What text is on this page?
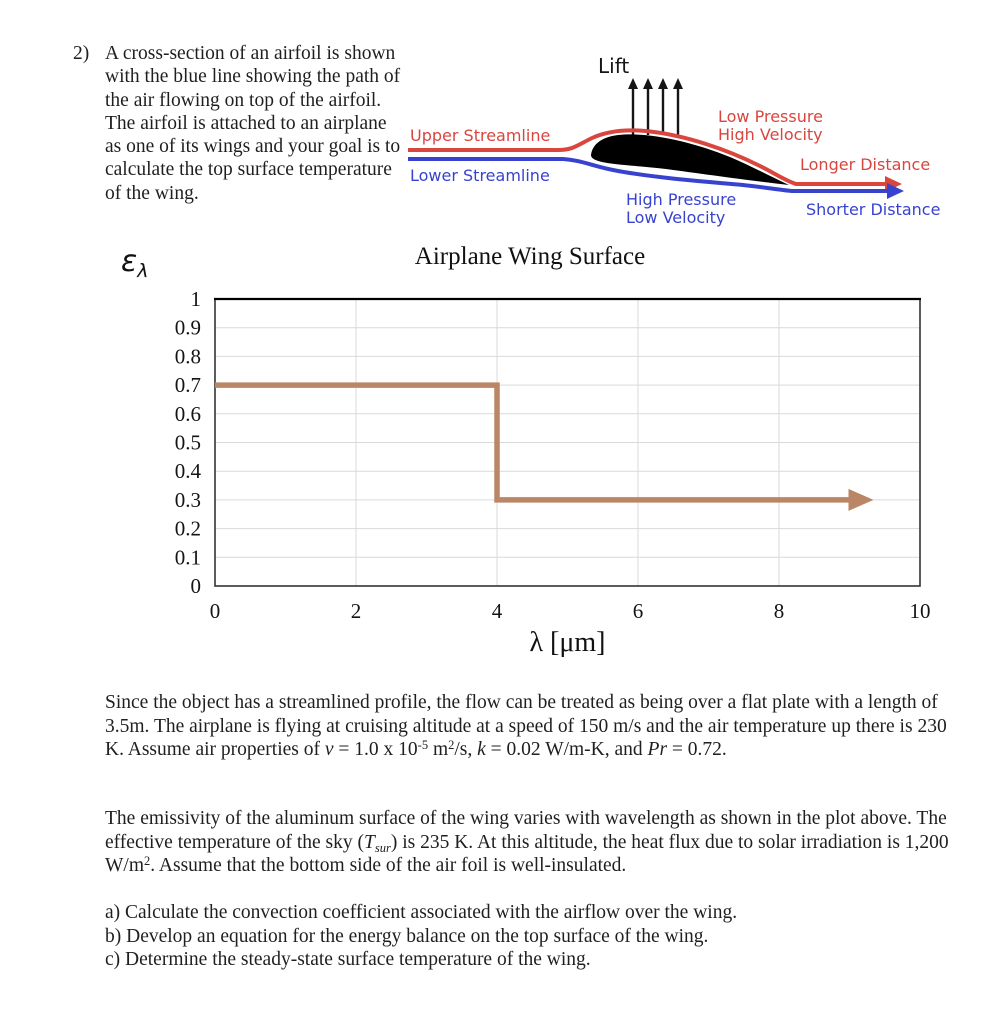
2) A cross-section of an airfoil is shown with the blue line showing the path of the air flowing on top of the airfoil. The airfoil is attached to an airplane as one of its wings and your goal is to calculate the top surface temperature of the wing.
Lift
Upper Streamline
Lower Streamline
Low Pressure
High Velocity
High Pressure
Low Velocity
Longer Distance
Shorter Distance
Airplane Wing Surface
$\varepsilon_\lambda$
0
0.1
0.2
0.3
0.4
0.5
0.6
0.7
0.8
0.9
1
0	2	4	6	8	10
λ [μm]
Since the object has a streamlined profile, the flow can be treated as being over a flat plate with a length of 3.5m. The airplane is flying at cruising altitude at a speed of 150 m/s and the air temperature up there is 230 K. Assume air properties of ν = 1.0 x $10^{-5}$ $m^2/s$, k = 0.02 W/m-K, and Pr = 0.72.
The emissivity of the aluminum surface of the wing varies with wavelength as shown in the plot above. The effective temperature of the sky $(T_{sur})$ is 235 K. At this altitude, the heat flux due to solar irradiation is 1,200 $W/m^2$. Assume that the bottom side of the air foil is well-insulated.
a) Calculate the convection coefficient associated with the airflow over the wing.
b) Develop an equation for the energy balance on the top surface of the wing.
c) Determine the steady-state surface temperature of the wing.
